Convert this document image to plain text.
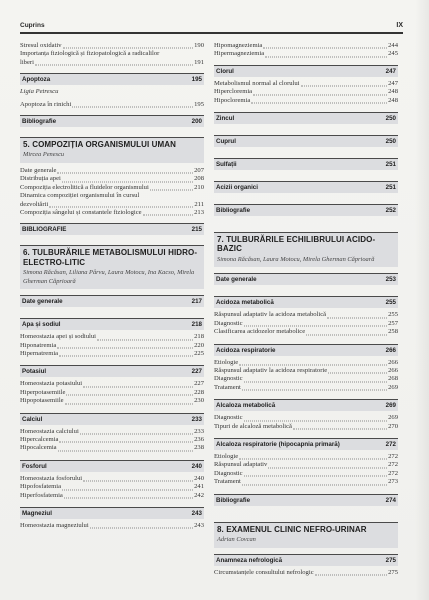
Cuprins	IX
Stresul oxidativ	190
Importanța fiziologică și fiziopatologică a radicalilor
liberi	191
Apoptoza	195
Ligia Petrescu
Apoptoza în rinichi	195
Bibliografie	200
5. COMPOZIȚIA ORGANISMULUI UMAN
Mircea Penescu
Date generale	207
Distribuția apei	208
Compoziția electrolitică a fluidelor organismului	210
Dinamica compoziției organismului în cursul
dezvoltării	211
Compoziția sângelui și constantele fiziologice	213
BIBLIOGRAFIE	215
6. TULBURĂRILE METABOLISMULUI HIDRO-ELECTRO-LITIC
Simona Răcăsan, Liliana Pârvu, Laura Motocu, Ina Kacso, Mirela Gherman Căprioară
Date generale	217
Apa și sodiul	218
Homeostazia apei și sodiului	218
Hiponatremia	220
Hipernatremia	225
Potasiul	227
Homeostazia potasiului	227
Hiperpotasemiile	228
Hipopotasemiile	230
Calciul	233
Homeostazia calciului	233
Hipercalcemia	236
Hipocalcemia	238
Fosforul	240
Homeostazia fosforului	240
Hipofosfatemia	241
Hiperfosfatemia	242
Magneziul	243
Homeostazia magneziului	243
Hipomagneziemia	244
Hipermagneziemia	245
Clorul	247
Metabolismul normal al clorului	247
Hipercloremia	248
Hipocloremia	248
Zincul	250
Cuprul	250
Sulfații	251
Acizii organici	251
Bibliografie	252
7. TULBURĂRILE ECHILIBRULUI ACIDO-BAZIC
Simona Răcăsan, Laura Motocu, Mirela Gherman Căprioară
Date generale	253
Acidoza metabolică	255
Răspunsul adaptativ la acidoza metabolică	255
Diagnostic	257
Clasificarea acidozelor metabolice	258
Acidoza respiratorie	266
Etiologie	266
Răspunsul adaptativ la acidoza respiratorie	266
Diagnostic	268
Tratament	269
Alcaloza metabolică	269
Diagnostic	269
Tipuri de alcaloză metabolică	270
Alcaloza respiratorie (hipocapnia primară)	272
Etiologie	272
Răspunsul adaptativ	272
Diagnostic	272
Tratament	273
Bibliografie	274
8. EXAMENUL CLINIC NEFRO-URINAR
Adrian Covcan
Anamneza nefrologică	275
Circumstanțele consultului nefrologic	275
